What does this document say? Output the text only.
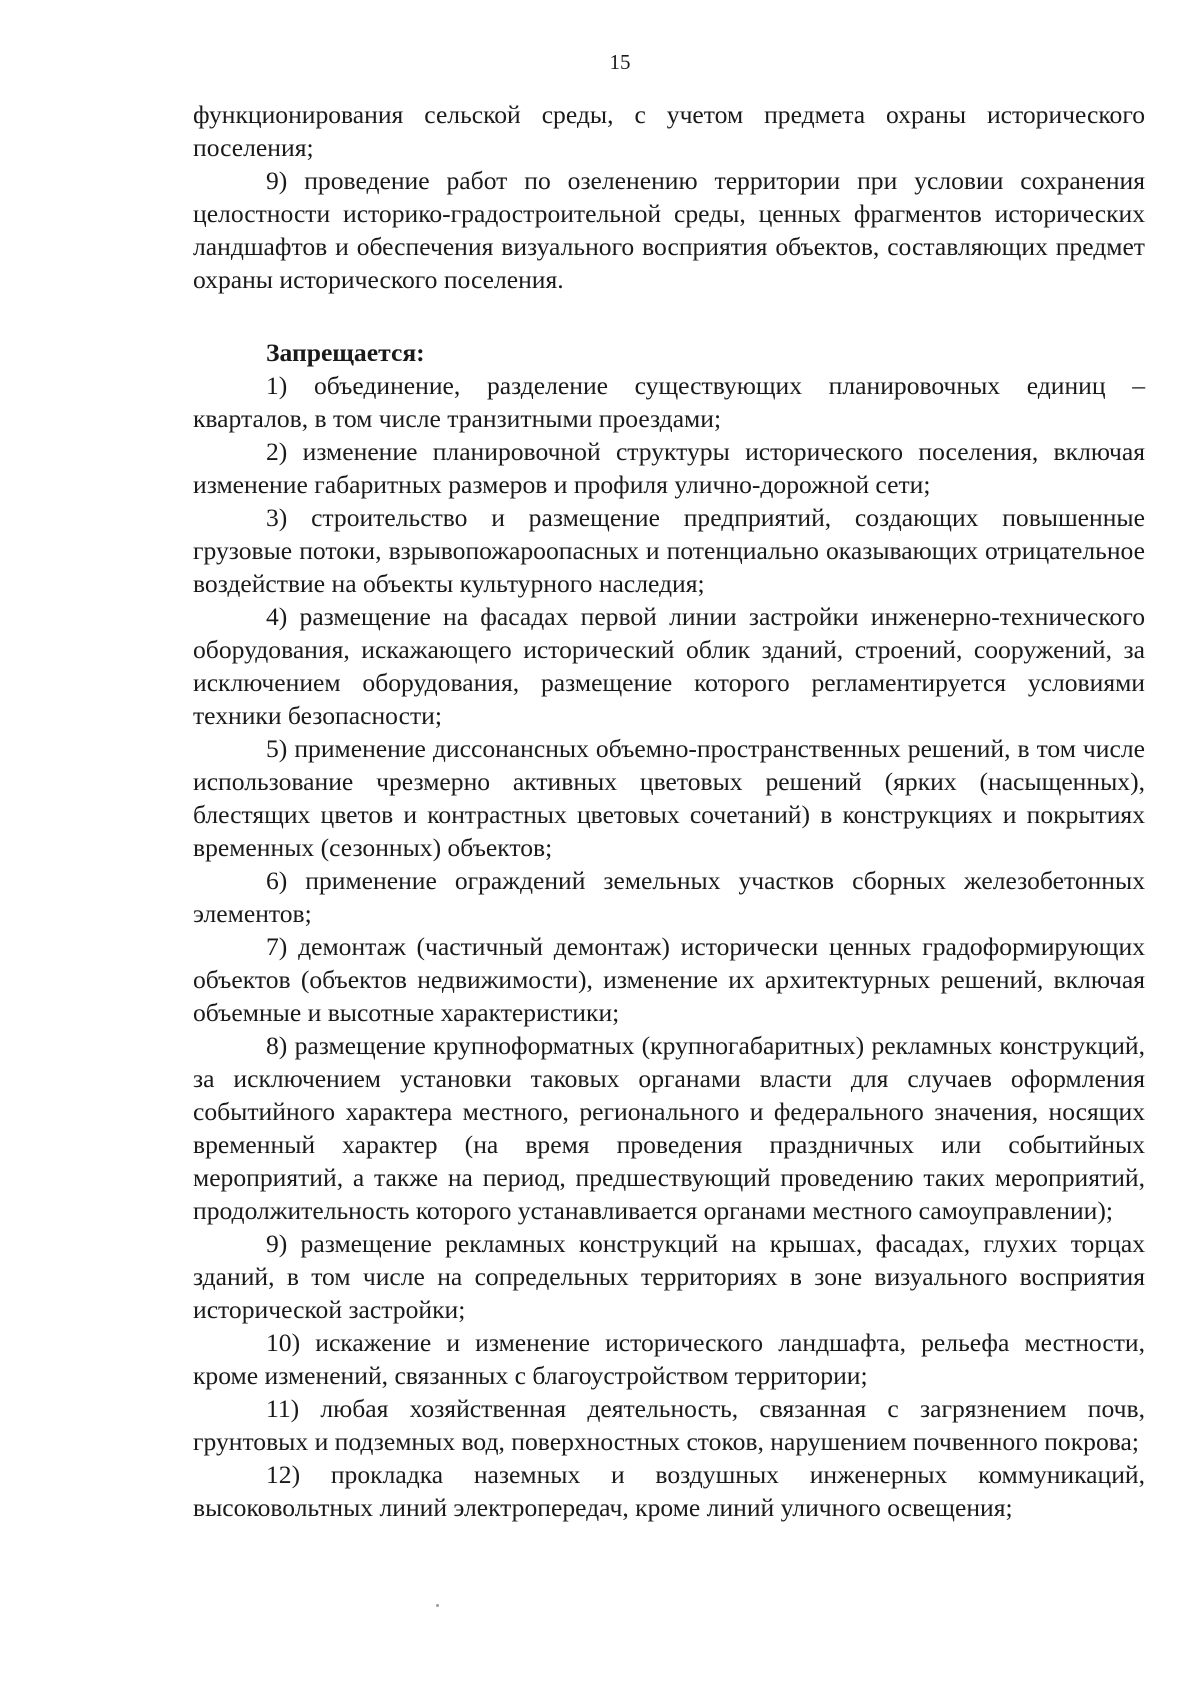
15

функционирования сельской среды, с учетом предмета охраны исторического поселения;

9) проведение работ по озеленению территории при условии сохранения целостности историко-градостроительной среды, ценных фрагментов исторических ландшафтов и обеспечения визуального восприятия объектов, составляющих предмет охраны исторического поселения.

Запрещается:

1) объединение, разделение существующих планировочных единиц – кварталов, в том числе транзитными проездами;

2) изменение планировочной структуры исторического поселения, включая изменение габаритных размеров и профиля улично-дорожной сети;

3) строительство и размещение предприятий, создающих повышенные грузовые потоки, взрывопожароопасных и потенциально оказывающих отрицательное воздействие на объекты культурного наследия;

4) размещение на фасадах первой линии застройки инженерно-технического оборудования, искажающего исторический облик зданий, строений, сооружений, за исключением оборудования, размещение которого регламентируется условиями техники безопасности;

5) применение диссонансных объемно-пространственных решений, в том числе использование чрезмерно активных цветовых решений (ярких (насыщенных), блестящих цветов и контрастных цветовых сочетаний) в конструкциях и покрытиях временных (сезонных) объектов;

6) применение ограждений земельных участков сборных железобетонных элементов;

7) демонтаж (частичный демонтаж) исторически ценных градоформирующих объектов (объектов недвижимости), изменение их архитектурных решений, включая объемные и высотные характеристики;

8) размещение крупноформатных (крупногабаритных) рекламных конструкций, за исключением установки таковых органами власти для случаев оформления событийного характера местного, регионального и федерального значения, носящих временный характер (на время проведения праздничных или событийных мероприятий, а также на период, предшествующий проведению таких мероприятий, продолжительность которого устанавливается органами местного самоуправлении);

9) размещение рекламных конструкций на крышах, фасадах, глухих торцах зданий, в том числе на сопредельных территориях в зоне визуального восприятия исторической застройки;

10) искажение и изменение исторического ландшафта, рельефа местности, кроме изменений, связанных с благоустройством территории;

11) любая хозяйственная деятельность, связанная с загрязнением почв, грунтовых и подземных вод, поверхностных стоков, нарушением почвенного покрова;

12) прокладка наземных и воздушных инженерных коммуникаций, высоковольтных линий электропередач, кроме линий уличного освещения;
